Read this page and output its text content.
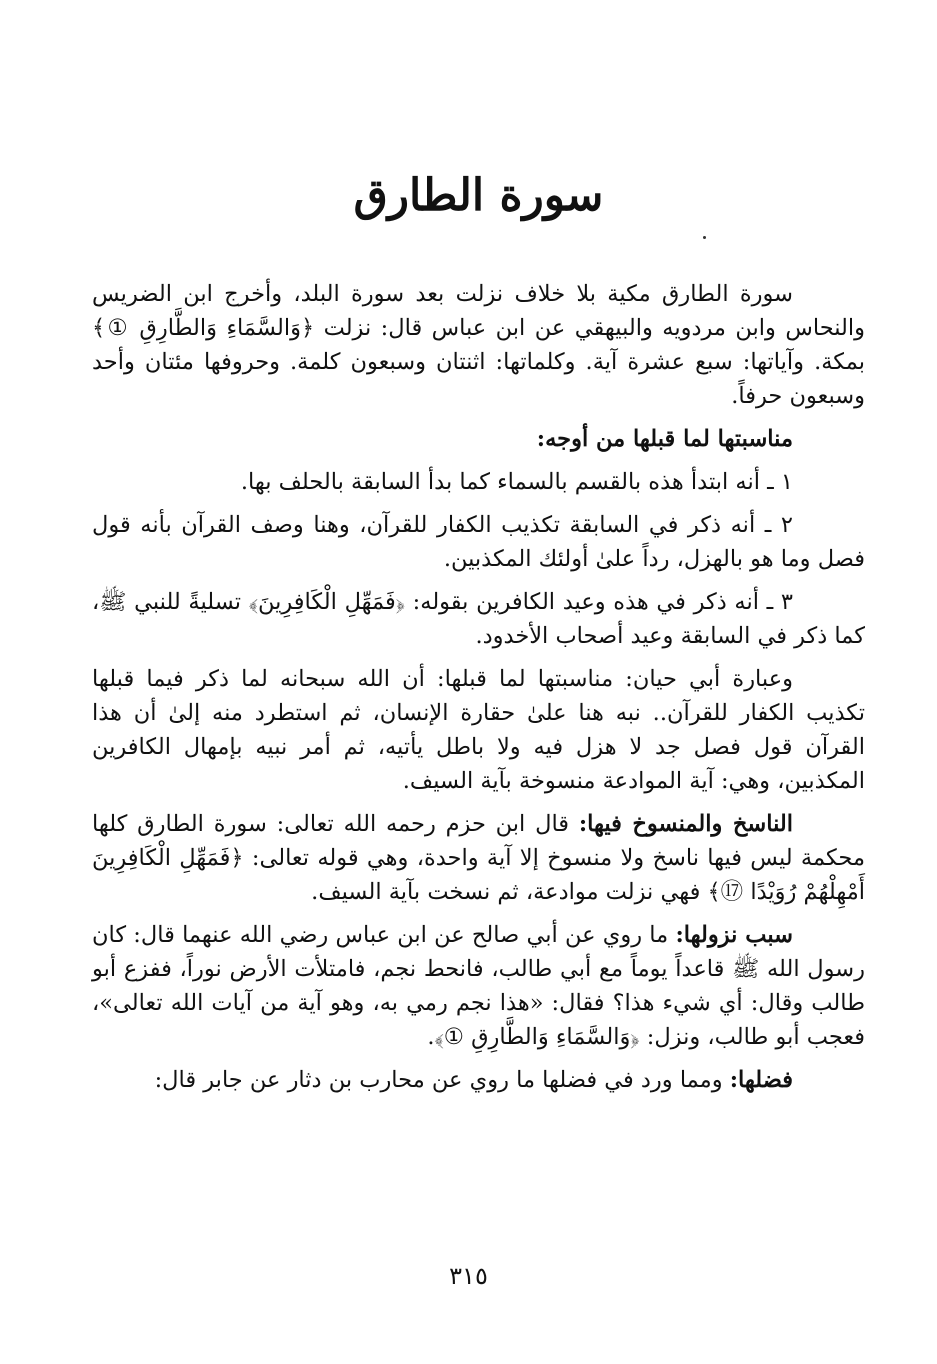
سورة الطارق

سورة الطارق مكية بلا خلاف نزلت بعد سورة البلد، وأخرج ابن الضريس والنحاس وابن مردويه والبيهقي عن ابن عباس قال: نزلت ﴿وَالسَّمَاءِ وَالطَّارِقِ ①﴾ بمكة. وآياتها: سبع عشرة آية. وكلماتها: اثنتان وسبعون كلمة. وحروفها مئتان وأحد وسبعون حرفاً.

مناسبتها لما قبلها من أوجه:

١ ـ أنه ابتدأ هذه بالقسم بالسماء كما بدأ السابقة بالحلف بها.

٢ ـ أنه ذكر في السابقة تكذيب الكفار للقرآن، وهنا وصف القرآن بأنه قول فصل وما هو بالهزل، رداً علىٰ أولئك المكذبين.

٣ ـ أنه ذكر في هذه وعيد الكافرين بقوله: ﴿فَمَهِّلِ الْكَافِرِينَ﴾ تسليةً للنبي ﷺ، كما ذكر في السابقة وعيد أصحاب الأخدود.

وعبارة أبي حيان: مناسبتها لما قبلها: أن الله سبحانه لما ذكر فيما قبلها تكذيب الكفار للقرآن.. نبه هنا علىٰ حقارة الإنسان، ثم استطرد منه إلىٰ أن هذا القرآن قول فصل جد لا هزل فيه ولا باطل يأتيه، ثم أمر نبيه بإمهال الكافرين المكذبين، وهي: آية الموادعة منسوخة بآية السيف.

الناسخ والمنسوخ فيها: قال ابن حزم رحمه الله تعالى: سورة الطارق كلها محكمة ليس فيها ناسخ ولا منسوخ إلا آية واحدة، وهي قوله تعالى: ﴿فَمَهِّلِ الْكَافِرِينَ أَمْهِلْهُمْ رُوَيْدًا ⑰﴾ فهي نزلت موادعة، ثم نسخت بآية السيف.

سبب نزولها: ما روي عن أبي صالح عن ابن عباس رضي الله عنهما قال: كان رسول الله ﷺ قاعداً يوماً مع أبي طالب، فانحط نجم، فامتلأت الأرض نوراً، ففزع أبو طالب وقال: أي شيء هذا؟ فقال: «هذا نجم رمي به، وهو آية من آيات الله تعالى»، فعجب أبو طالب، ونزل: ﴿وَالسَّمَاءِ وَالطَّارِقِ ①﴾.

فضلها: ومما ورد في فضلها ما روي عن محارب بن دثار عن جابر قال:

٣١٥
